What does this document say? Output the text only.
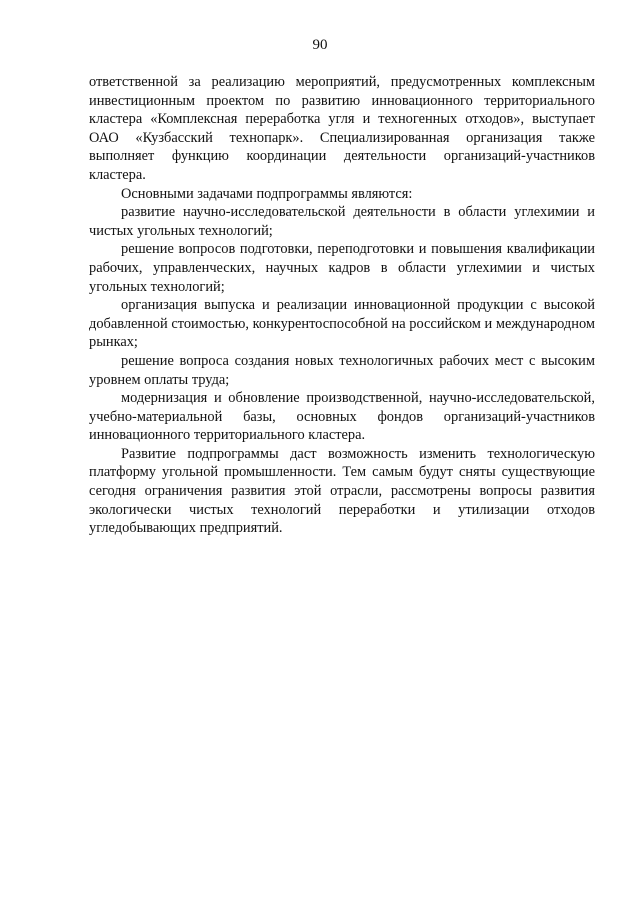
90

ответственной за реализацию мероприятий, предусмотренных комплексным инвестиционным проектом по развитию инновационного территориального кластера «Комплексная переработка угля и техногенных отходов», выступает ОАО «Кузбасский технопарк». Специализированная организация также выполняет функцию координации деятельности организаций-участников кластера.

Основными задачами подпрограммы являются:

развитие научно-исследовательской деятельности в области углехимии и чистых угольных технологий;

решение вопросов подготовки, переподготовки и повышения квалификации рабочих, управленческих, научных кадров в области углехимии и чистых угольных технологий;

организация выпуска и реализации инновационной продукции с высокой добавленной стоимостью, конкурентоспособной на российском и международном рынках;

решение вопроса создания новых технологичных рабочих мест с высоким уровнем оплаты труда;

модернизация и обновление производственной, научно-исследовательской, учебно-материальной базы, основных фондов организаций-участников инновационного территориального кластера.

Развитие подпрограммы даст возможность изменить технологическую платформу угольной промышленности. Тем самым будут сняты существующие сегодня ограничения развития этой отрасли, рассмотрены вопросы развития экологически чистых технологий переработки и утилизации отходов угледобывающих предприятий.
